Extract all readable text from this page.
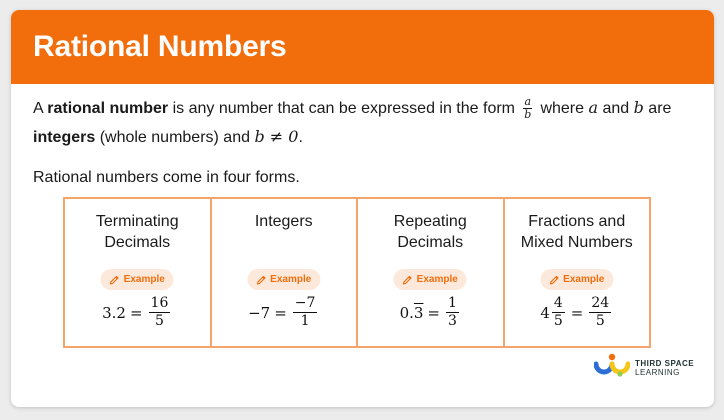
Rational Numbers
A rational number is any number that can be expressed in the form $\frac{a}{b}$ where a and b are
integers (whole numbers) and b ≠ 0.
Rational numbers come in four forms.
Terminating
Decimals
Example
$3.2 = \frac{16}{5}$
Integers
Example
$-7 = \frac{-7}{1}$
Repeating
Decimals
Example
0. $3 = \frac{1}{3}$
Fractions and
Mixed Numbers
Example
$4 \frac{4}{5} = \frac{24}{5}$
THIRD SPACE
LEARNING
